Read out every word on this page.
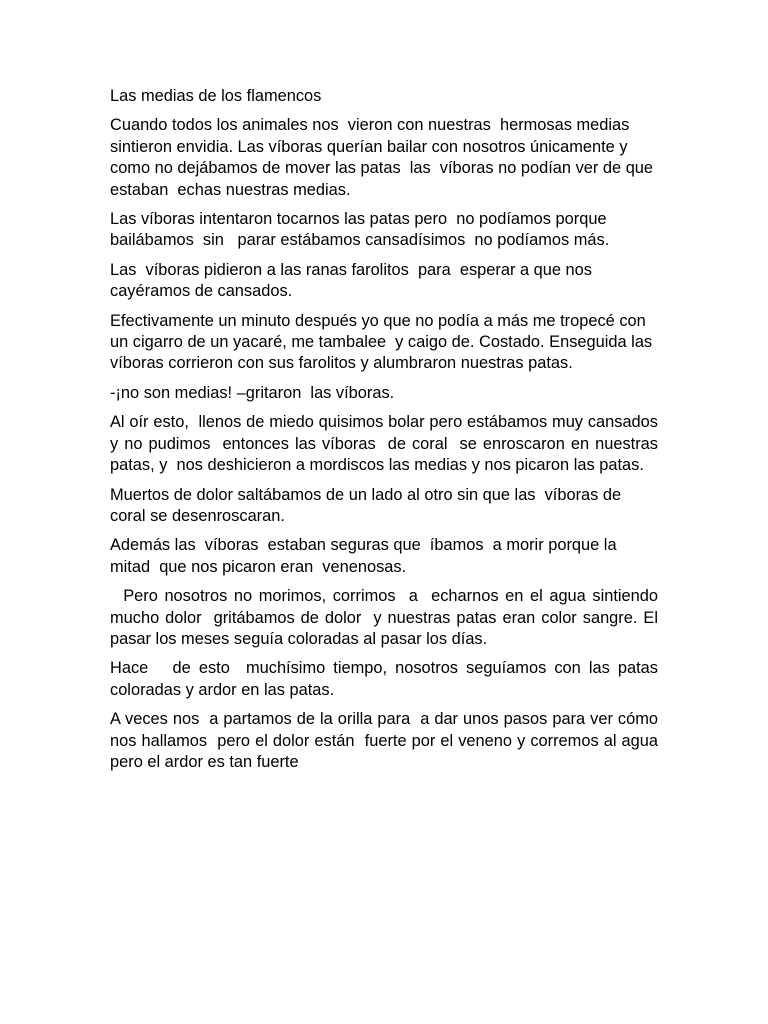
Las medias de los flamencos

Cuando todos los animales nos  vieron con nuestras  hermosas medias sintieron envidia. Las víboras querían bailar con nosotros únicamente y como no dejábamos de mover las patas  las  víboras no podían ver de que estaban  echas nuestras medias.

Las víboras intentaron tocarnos las patas pero  no podíamos porque bailábamos  sin   parar estábamos cansadísimos  no podíamos más.

Las  víboras pidieron a las ranas farolitos  para  esperar a que nos cayéramos de cansados.

Efectivamente un minuto después yo que no podía a más me tropecé con un cigarro de un yacaré, me tambalee  y caigo de. Costado. Enseguida las  víboras corrieron con sus farolitos y alumbraron nuestras patas.

-¡no son medias! –gritaron  las víboras.

Al oír esto,  llenos de miedo quisimos bolar pero estábamos muy cansados y no pudimos  entonces las víboras  de coral  se enroscaron en nuestras patas, y  nos deshicieron a mordiscos las medias y nos picaron las patas.

Muertos de dolor saltábamos de un lado al otro sin que las  víboras de coral se desenroscaran.

Además las  víboras  estaban seguras que  íbamos  a morir porque la mitad  que nos picaron eran  venenosas.

Pero nosotros no morimos, corrimos  a  echarnos en el agua sintiendo mucho dolor  gritábamos de dolor  y nuestras patas eran color sangre. El pasar los meses seguía coloradas al pasar los días.

Hace   de esto  muchísimo tiempo, nosotros seguíamos con las patas  coloradas y ardor en las patas.

A veces nos  a partamos de la orilla para  a dar unos pasos para ver cómo  nos hallamos  pero el dolor están  fuerte por el veneno y corremos al agua  pero el ardor es tan fuerte
